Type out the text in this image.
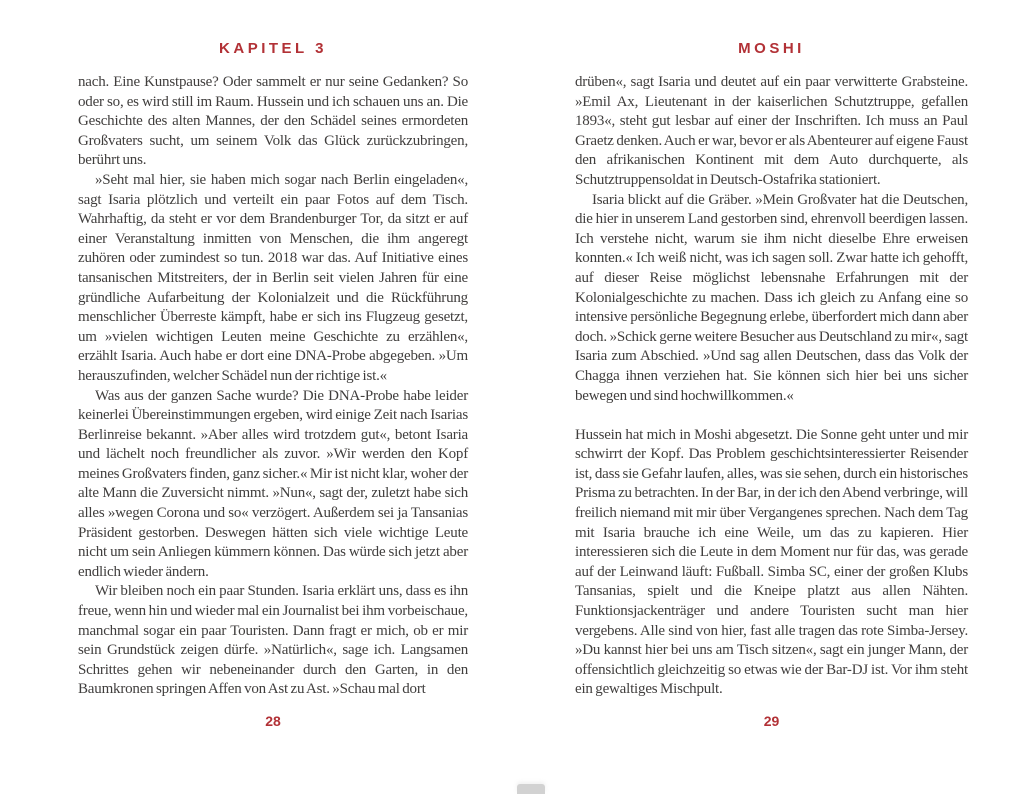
KAPITEL 3

nach. Eine Kunstpause? Oder sammelt er nur seine Gedanken? So oder so, es wird still im Raum. Hussein und ich schauen uns an. Die Geschichte des alten Mannes, der den Schädel seines ermordeten Großvaters sucht, um seinem Volk das Glück zurückzubringen, berührt uns.

»Seht mal hier, sie haben mich sogar nach Berlin eingeladen«, sagt Isaria plötzlich und verteilt ein paar Fotos auf dem Tisch. Wahrhaftig, da steht er vor dem Brandenburger Tor, da sitzt er auf einer Veranstaltung inmitten von Menschen, die ihm angeregt zuhören oder zumindest so tun. 2018 war das. Auf Initiative eines tansanischen Mitstreiters, der in Berlin seit vielen Jahren für eine gründliche Aufarbeitung der Kolonialzeit und die Rückführung menschlicher Überreste kämpft, habe er sich ins Flugzeug gesetzt, um »vielen wichtigen Leuten meine Geschichte zu erzählen«, erzählt Isaria. Auch habe er dort eine DNA-Probe abgegeben. »Um herauszufinden, welcher Schädel nun der richtige ist.«

Was aus der ganzen Sache wurde? Die DNA-Probe habe leider keinerlei Übereinstimmungen ergeben, wird einige Zeit nach Isarias Berlinreise bekannt. »Aber alles wird trotzdem gut«, betont Isaria und lächelt noch freundlicher als zuvor. »Wir werden den Kopf meines Großvaters finden, ganz sicher.« Mir ist nicht klar, woher der alte Mann die Zuversicht nimmt. »Nun«, sagt der, zuletzt habe sich alles »wegen Corona und so« verzögert. Außerdem sei ja Tansanias Präsident gestorben. Deswegen hätten sich viele wichtige Leute nicht um sein Anliegen kümmern können. Das würde sich jetzt aber endlich wieder ändern.

Wir bleiben noch ein paar Stunden. Isaria erklärt uns, dass es ihn freue, wenn hin und wieder mal ein Journalist bei ihm vorbeischaue, manchmal sogar ein paar Touristen. Dann fragt er mich, ob er mir sein Grundstück zeigen dürfe. »Natürlich«, sage ich. Langsamen Schrittes gehen wir nebeneinander durch den Garten, in den Baumkronen springen Affen von Ast zu Ast. »Schau mal dort

28
MOSHI

drüben«, sagt Isaria und deutet auf ein paar verwitterte Grabsteine. »Emil Ax, Lieutenant in der kaiserlichen Schutztruppe, gefallen 1893«, steht gut lesbar auf einer der Inschriften. Ich muss an Paul Graetz denken. Auch er war, bevor er als Abenteurer auf eigene Faust den afrikanischen Kontinent mit dem Auto durchquerte, als Schutztruppensoldat in Deutsch-Ostafrika stationiert.

Isaria blickt auf die Gräber. »Mein Großvater hat die Deutschen, die hier in unserem Land gestorben sind, ehrenvoll beerdigen lassen. Ich verstehe nicht, warum sie ihm nicht dieselbe Ehre erweisen konnten.« Ich weiß nicht, was ich sagen soll. Zwar hatte ich gehofft, auf dieser Reise möglichst lebensnahe Erfahrungen mit der Kolonialgeschichte zu machen. Dass ich gleich zu Anfang eine so intensive persönliche Begegnung erlebe, überfordert mich dann aber doch. »Schick gerne weitere Besucher aus Deutschland zu mir«, sagt Isaria zum Abschied. »Und sag allen Deutschen, dass das Volk der Chagga ihnen verziehen hat. Sie können sich hier bei uns sicher bewegen und sind hochwillkommen.«

Hussein hat mich in Moshi abgesetzt. Die Sonne geht unter und mir schwirrt der Kopf. Das Problem geschichtsinteressierter Reisender ist, dass sie Gefahr laufen, alles, was sie sehen, durch ein historisches Prisma zu betrachten. In der Bar, in der ich den Abend verbringe, will freilich niemand mit mir über Vergangenes sprechen. Nach dem Tag mit Isaria brauche ich eine Weile, um das zu kapieren. Hier interessieren sich die Leute in dem Moment nur für das, was gerade auf der Leinwand läuft: Fußball. Simba SC, einer der großen Klubs Tansanias, spielt und die Kneipe platzt aus allen Nähten. Funktionsjackenträger und andere Touristen sucht man hier vergebens. Alle sind von hier, fast alle tragen das rote Simba-Jersey. »Du kannst hier bei uns am Tisch sitzen«, sagt ein junger Mann, der offensichtlich gleichzeitig so etwas wie der Bar-DJ ist. Vor ihm steht ein gewaltiges Mischpult.

29
